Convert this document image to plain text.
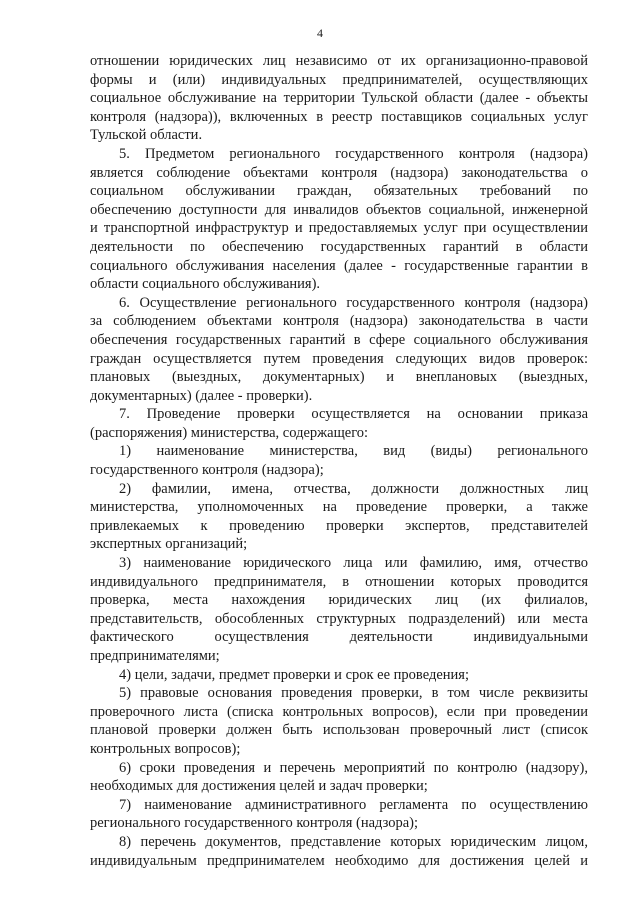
4
отношении юридических лиц независимо от их организационно-правовой
формы и (или) индивидуальных предпринимателей, осуществляющих
социальное обслуживание на территории Тульской области (далее - объекты
контроля (надзора)), включенных в реестр поставщиков социальных услуг
Тульской области.
5. Предметом регионального государственного контроля (надзора)
является соблюдение объектами контроля (надзора) законодательства о
социальном обслуживании граждан, обязательных требований по
обеспечению доступности для инвалидов объектов социальной, инженерной
и транспортной инфраструктур и предоставляемых услуг при осуществлении
деятельности по обеспечению государственных гарантий в области
социального обслуживания населения (далее - государственные гарантии в
области социального обслуживания).
6. Осуществление регионального государственного контроля (надзора)
за соблюдением объектами контроля (надзора) законодательства в части
обеспечения государственных гарантий в сфере социального обслуживания
граждан осуществляется путем проведения следующих видов проверок:
плановых (выездных, документарных) и внеплановых (выездных,
документарных) (далее - проверки).
7. Проведение проверки осуществляется на основании приказа
(распоряжения) министерства, содержащего:
1) наименование министерства, вид (виды) регионального
государственного контроля (надзора);
2) фамилии, имена, отчества, должности должностных лиц
министерства, уполномоченных на проведение проверки, а также
привлекаемых к проведению проверки экспертов, представителей
экспертных организаций;
3) наименование юридического лица или фамилию, имя, отчество
индивидуального предпринимателя, в отношении которых проводится
проверка, места нахождения юридических лиц (их филиалов,
представительств, обособленных структурных подразделений) или места
фактического осуществления деятельности индивидуальными
предпринимателями;
4) цели, задачи, предмет проверки и срок ее проведения;
5) правовые основания проведения проверки, в том числе реквизиты
проверочного листа (списка контрольных вопросов), если при проведении
плановой проверки должен быть использован проверочный лист (список
контрольных вопросов);
6) сроки проведения и перечень мероприятий по контролю (надзору),
необходимых для достижения целей и задач проверки;
7) наименование административного регламента по осуществлению
регионального государственного контроля (надзора);
8) перечень документов, представление которых юридическим лицом,
индивидуальным предпринимателем необходимо для достижения целей и
